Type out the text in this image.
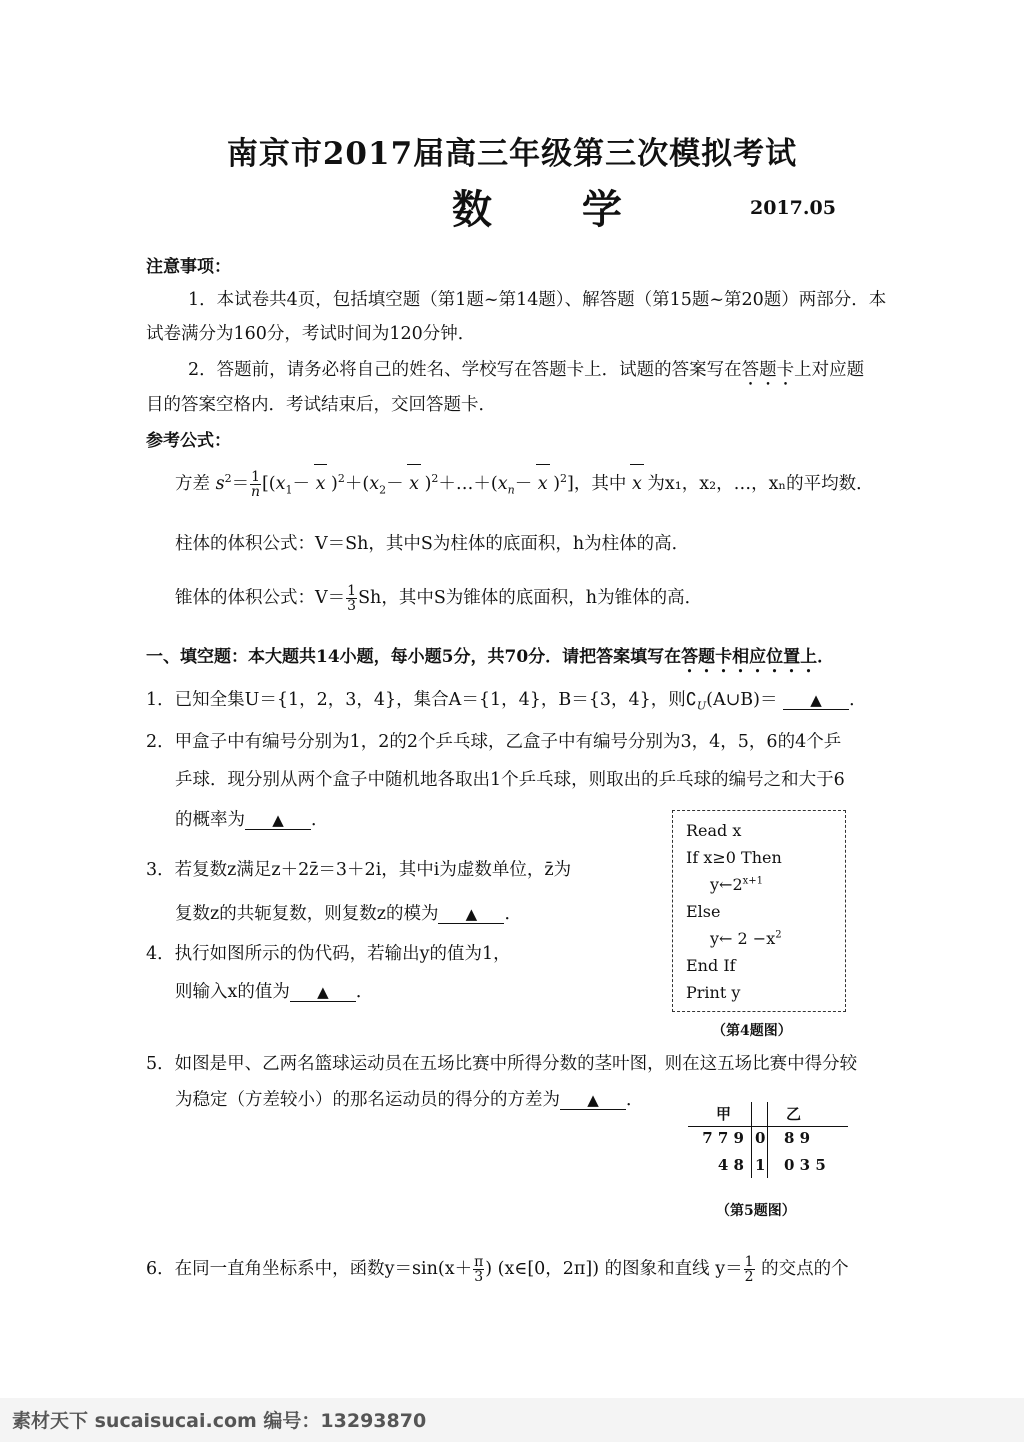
南京市2017届高三年级第三次模拟考试
数 学	2017.05
注意事项：
1．本试卷共4页，包括填空题（第1题~第14题）、解答题（第15题~第20题）两部分．本
试卷满分为160分，考试时间为120分钟．
2．答题前，请务必将自己的姓名、学校写在答题卡上．试题的答案写在答题卡上对应题
目的答案空格内．考试结束后，交回答题卡．
参考公式：
方差 $s^2= \frac{1}{n} [(x_1- x$ )$^2+(x_2- x$ )$^2+\dots+(x_n- x$ )$^2$]，其中 x 为x₁，x₂，…，xₙ的平均数．
柱体的体积公式：V＝Sh，其中S为柱体的底面积，h为柱体的高．
锥体的体积公式：$V= \frac{1}{3}$ Sh，其中S为锥体的底面积，h为锥体的高．
一、填空题：本大题共14小题，每小题5分，共70分．请把答案填写在答题卡相应位置上．
1．已知全集U＝{1，2，3，4}，集合A＝{1，4}，B＝{3，4}，则$∁_U(A\cup B)=$ ▲ ．
2．甲盒子中有编号分别为1，2的2个乒乓球，乙盒子中有编号分别为3，4，5，6的4个乒
乒球．现分别从两个盒子中随机地各取出1个乒乓球，则取出的乒乓球的编号之和大于6
的概率为 ▲ ．
3．若复数z满足z＋2z̄＝3＋2i，其中i为虚数单位，z̄为
复数z的共轭复数，则复数z的模为 ▲ ．
4．执行如图所示的伪代码，若输出y的值为1，
则输入x的值为 ▲ ．
Read x
If x≥0 Then
$y\leftarrow 2^{x+1}$
Else
y← $2 -x^2$
End If
Print y
（第4题图）
5．如图是甲、乙两名篮球运动员在五场比赛中所得分数的茎叶图，则在这五场比赛中得分较
为稳定（方差较小）的那名运动员的得分的方差为 ▲ ．
甲	乙
7 7 9 0 8 9
4 8 1 0 3 5
（第5题图）
6．在同一直角坐标系中，函数$y=\sin(x+ \frac{\pi}{3}$ ) (x∈[0，2π]) 的图象和直线 $y= \frac{1}{2}$ 的交点的个
素材天下 sucaisucai.com 编号：13293870
